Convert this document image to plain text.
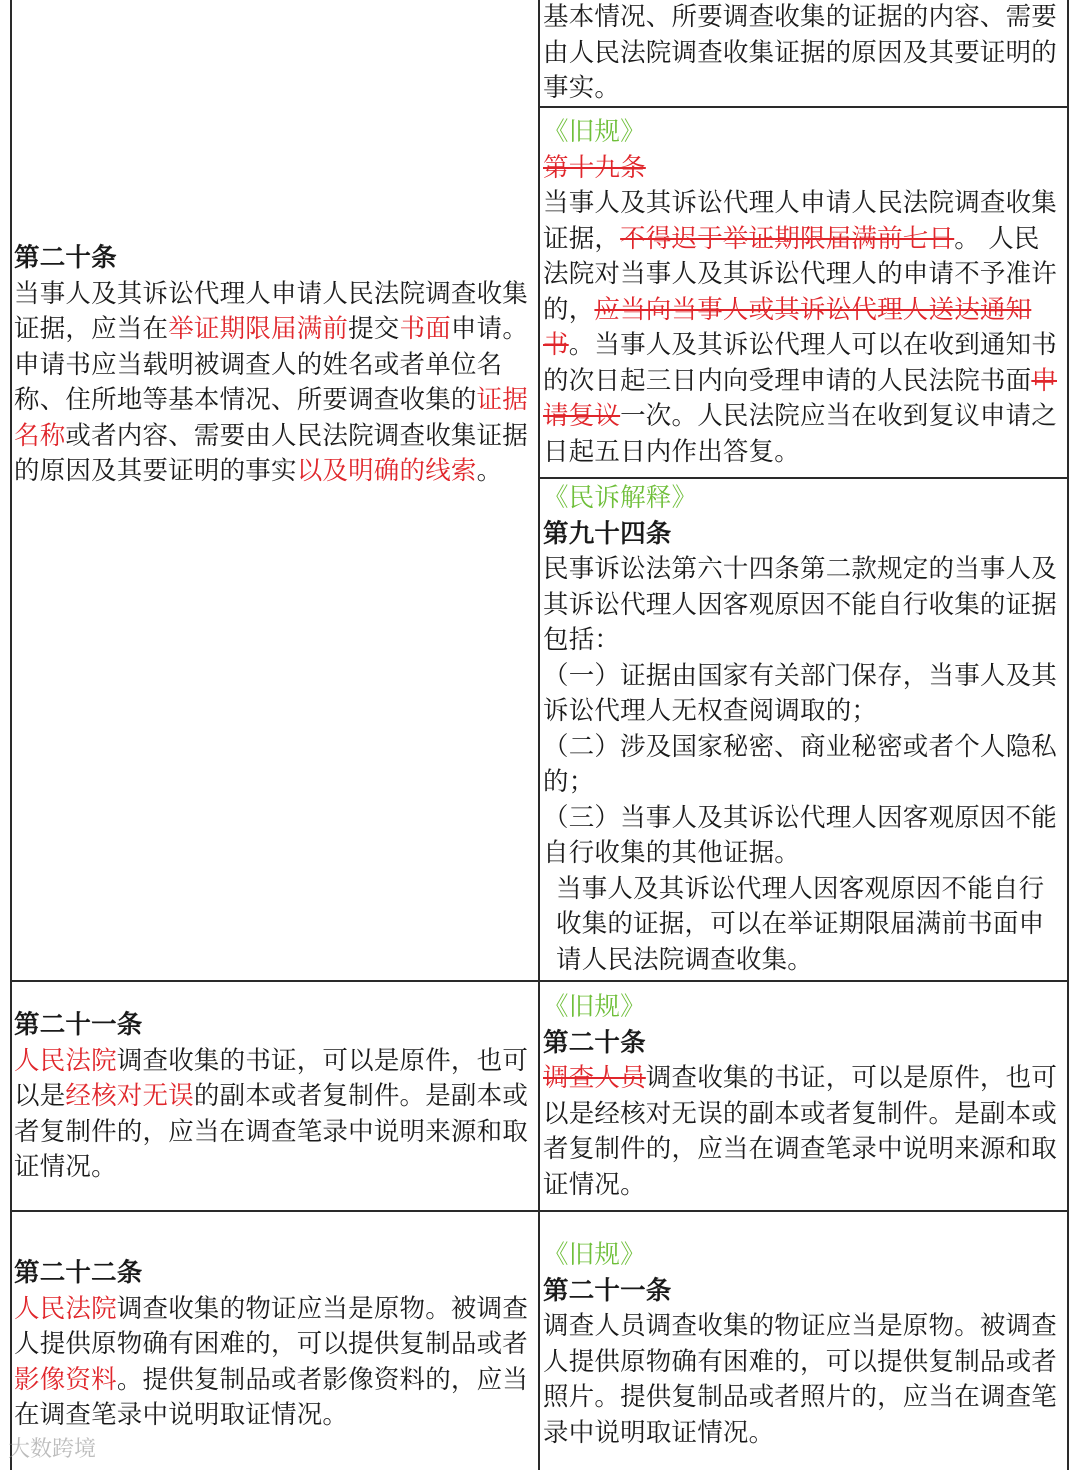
第二十条

当事人及其诉讼代理人申请人民法院调查收集证据，应当在举证期限届满前提交书面申请。

申请书应当载明被调查人的姓名或者单位名称、住所地等基本情况、所要调查收集的证据名称或者内容、需要由人民法院调查收集证据的原因及其要证明的事实以及明确的线索。

基本情况、所要调查收集的证据的内容、需要由人民法院调查收集证据的原因及其要证明的事实。

《旧规》

第十九条

当事人及其诉讼代理人申请人民法院调查收集证据，不得迟于举证期限届满前七日。 人民法院对当事人及其诉讼代理人的申请不予准许的，应当向当事人或其诉讼代理人送达通知书。当事人及其诉讼代理人可以在收到通知书的次日起三日内向受理申请的人民法院书面申请复议一次。人民法院应当在收到复议申请之日起五日内作出答复。

《民诉解释》

第九十四条

民事诉讼法第六十四条第二款规定的当事人及其诉讼代理人因客观原因不能自行收集的证据包括：

（一）证据由国家有关部门保存，当事人及其诉讼代理人无权查阅调取的；

（二）涉及国家秘密、商业秘密或者个人隐私的；

（三）当事人及其诉讼代理人因客观原因不能自行收集的其他证据。

当事人及其诉讼代理人因客观原因不能自行收集的证据，可以在举证期限届满前书面申请人民法院调查收集。

第二十一条

人民法院调查收集的书证，可以是原件，也可以是经核对无误的副本或者复制件。是副本或者复制件的，应当在调查笔录中说明来源和取证情况。

《旧规》

第二十条

调查人员调查收集的书证，可以是原件，也可以是经核对无误的副本或者复制件。是副本或者复制件的，应当在调查笔录中说明来源和取证情况。

第二十二条

人民法院调查收集的物证应当是原物。被调查人提供原物确有困难的，可以提供复制品或者影像资料。提供复制品或者影像资料的，应当在调查笔录中说明取证情况。

《旧规》

第二十一条

调查人员调查收集的物证应当是原物。被调查人提供原物确有困难的，可以提供复制品或者照片。提供复制品或者照片的，应当在调查笔录中说明取证情况。

大数跨境
